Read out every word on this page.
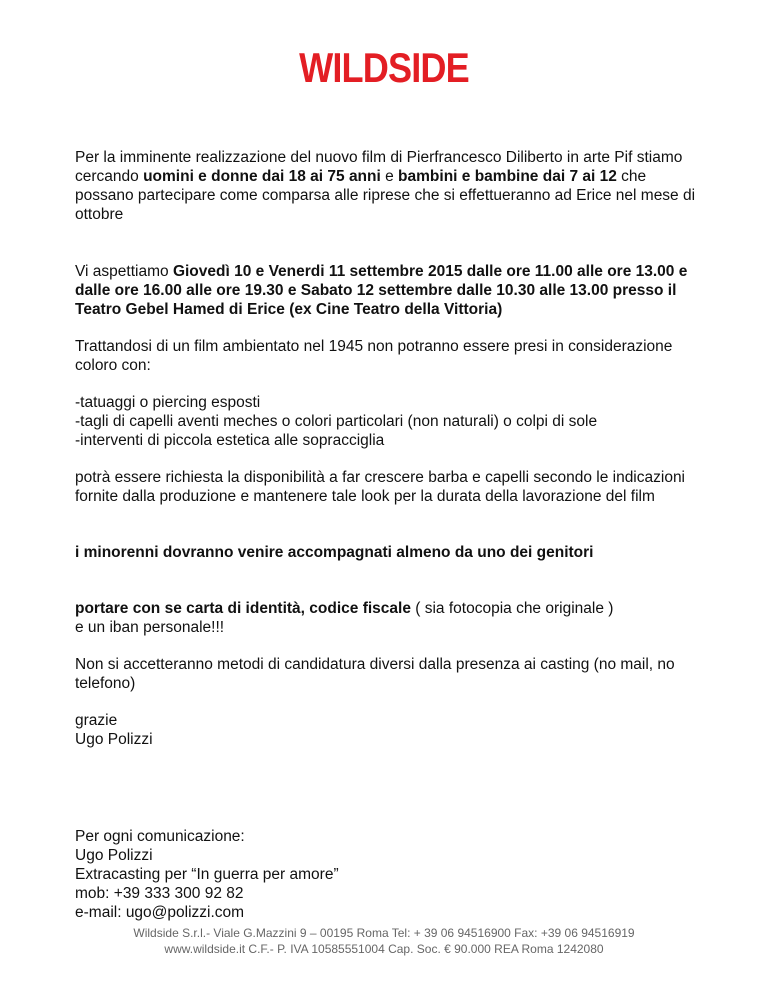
WILDSIDE

Per la imminente realizzazione del nuovo film di Pierfrancesco Diliberto in arte Pif stiamo cercando uomini e donne dai 18 ai 75 anni e bambini e bambine dai 7 ai 12 che possano partecipare come comparsa alle riprese che si effettueranno ad Erice nel mese di ottobre

Vi aspettiamo Giovedì 10 e Venerdi 11 settembre 2015 dalle ore 11.00 alle ore 13.00 e dalle ore 16.00 alle ore 19.30 e Sabato 12 settembre dalle 10.30 alle 13.00 presso il Teatro Gebel Hamed di Erice (ex Cine Teatro della Vittoria)

Trattandosi di un film ambientato nel 1945 non potranno essere presi in considerazione coloro con:

-tatuaggi o piercing esposti
-tagli di capelli aventi meches o colori particolari (non naturali) o colpi di sole
-interventi di piccola estetica alle sopracciglia

potrà essere richiesta la disponibilità a far crescere barba e capelli secondo le indicazioni fornite dalla produzione e mantenere tale look per la durata della lavorazione del film

i minorenni dovranno venire accompagnati almeno da uno dei genitori

portare con se carta di identità, codice fiscale ( sia fotocopia che originale )
e un iban personale!!!

Non si accetteranno metodi di candidatura diversi dalla presenza ai casting (no mail, no telefono)

grazie
Ugo Polizzi

Per ogni comunicazione:
Ugo Polizzi
Extracasting per “In guerra per amore”
mob: +39 333 300 92 82
e-mail: ugo@polizzi.com

Wildside S.r.l.- Viale G.Mazzini 9 – 00195 Roma Tel: + 39 06 94516900 Fax: +39 06 94516919
www.wildside.it C.F.- P. IVA 10585551004 Cap. Soc. € 90.000 REA Roma 1242080
